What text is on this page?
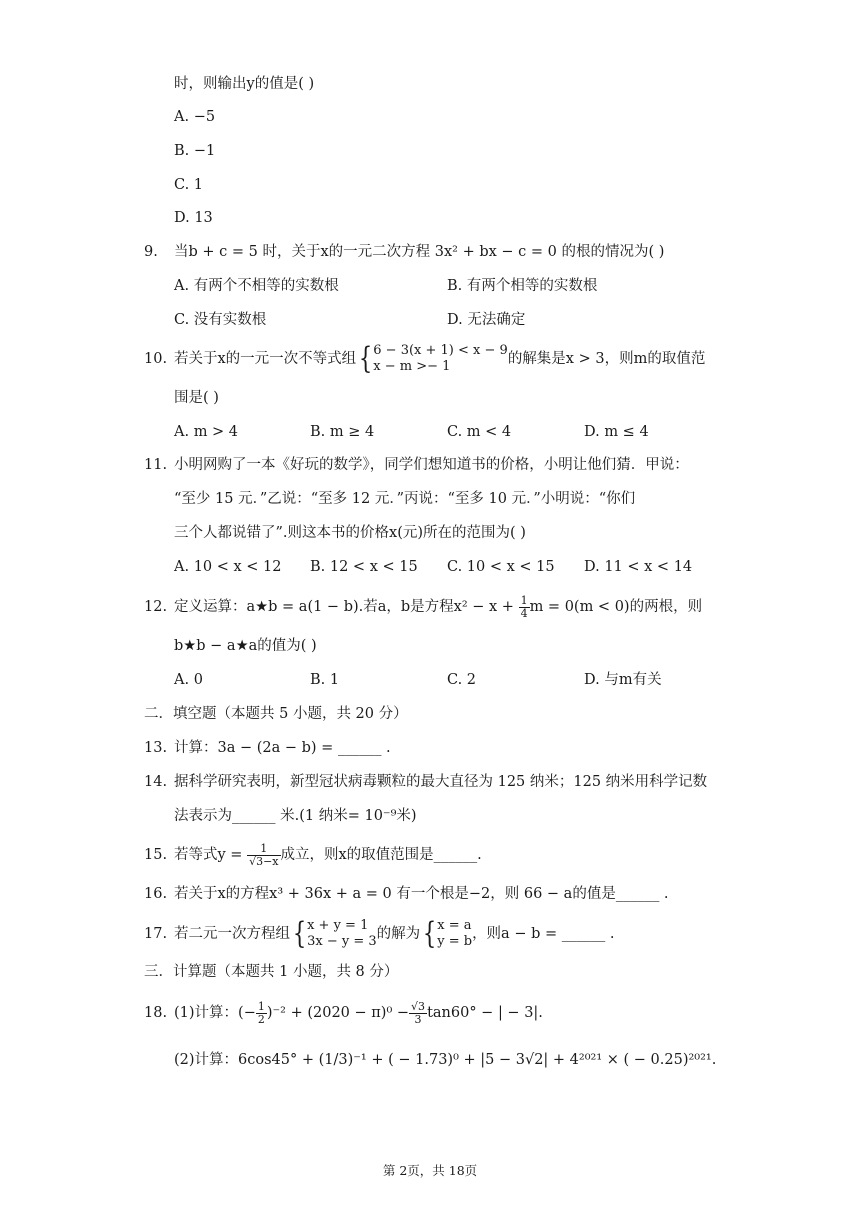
时，则输出y的值是( )
A. −5
B. −1
C. 1
D. 13
9.	当b + c = 5 时，关于x的一元二次方程 3x² + bx − c = 0 的根的情况为( )
A. 有两个不相等的实数根	B. 有两个相等的实数根
C. 没有实数根	D. 无法确定
10. 若关于x的一元一次不等式组{ 6 − 3(x + 1) < x − 9
x − m >− 1	的解集是x > 3，则m的取值范
围是( )
A. m > 4	B. m ≥ 4	C. m < 4	D. m ≤ 4
11. 小明网购了一本《好玩的数学》，同学们想知道书的价格，小明让他们猜．甲说：
“至少 15 元．”乙说：“至多 12 元．”丙说：“至多 10 元．”小明说：“你们
三个人都说错了”.则这本书的价格x(元)所在的范围为( )
A. 10 < x < 12 B. 12 < x < 15 C. 10 < x < 15 D. 11 < x < 14
12. 定义运算：a★b = a(1 − b).若a，b是方程$x^2 - x + \frac{1}{4}$ m = 0(m < 0)的两根，则
b★b − a★a的值为( )
A. 0	B. 1	C. 2	D. 与m有关
二．填空题（本题共 5 小题，共 20 分）
13. 计算：3a − (2a − b) = ______ .
14. 据科学研究表明，新型冠状病毒颗粒的最大直径为 125 纳米；125 纳米用科学记数
法表示为______ 米.(1 纳米= 10⁻⁹米)
15. 若等式$y = \frac{1}{√3-x}$ 成立，则x的取值范围是______.
16. 若关于x的方程x³ + 36x + a = 0 有一个根是−2，则 66 − a的值是______ .
17. 若二元一次方程组{ x + y = 1
3x − y = 3 的解为{ x = a
y = b ，则a − b = ______ .
三．计算题（本题共 1 小题，共 8 分）
18. (1)计算：(− $\frac{1}{2} )^{-2} + (2020 - \pi)^0 - \frac{√3}{3} \tan 60^\circ$ − | − 3|.
(2)计算：6cos45° + (1/3)⁻¹ + ( − 1.73)⁰ + |5 − 3√2| + 4²⁰²¹ × ( − 0.25)²⁰²¹.
第 2页，共 18页
